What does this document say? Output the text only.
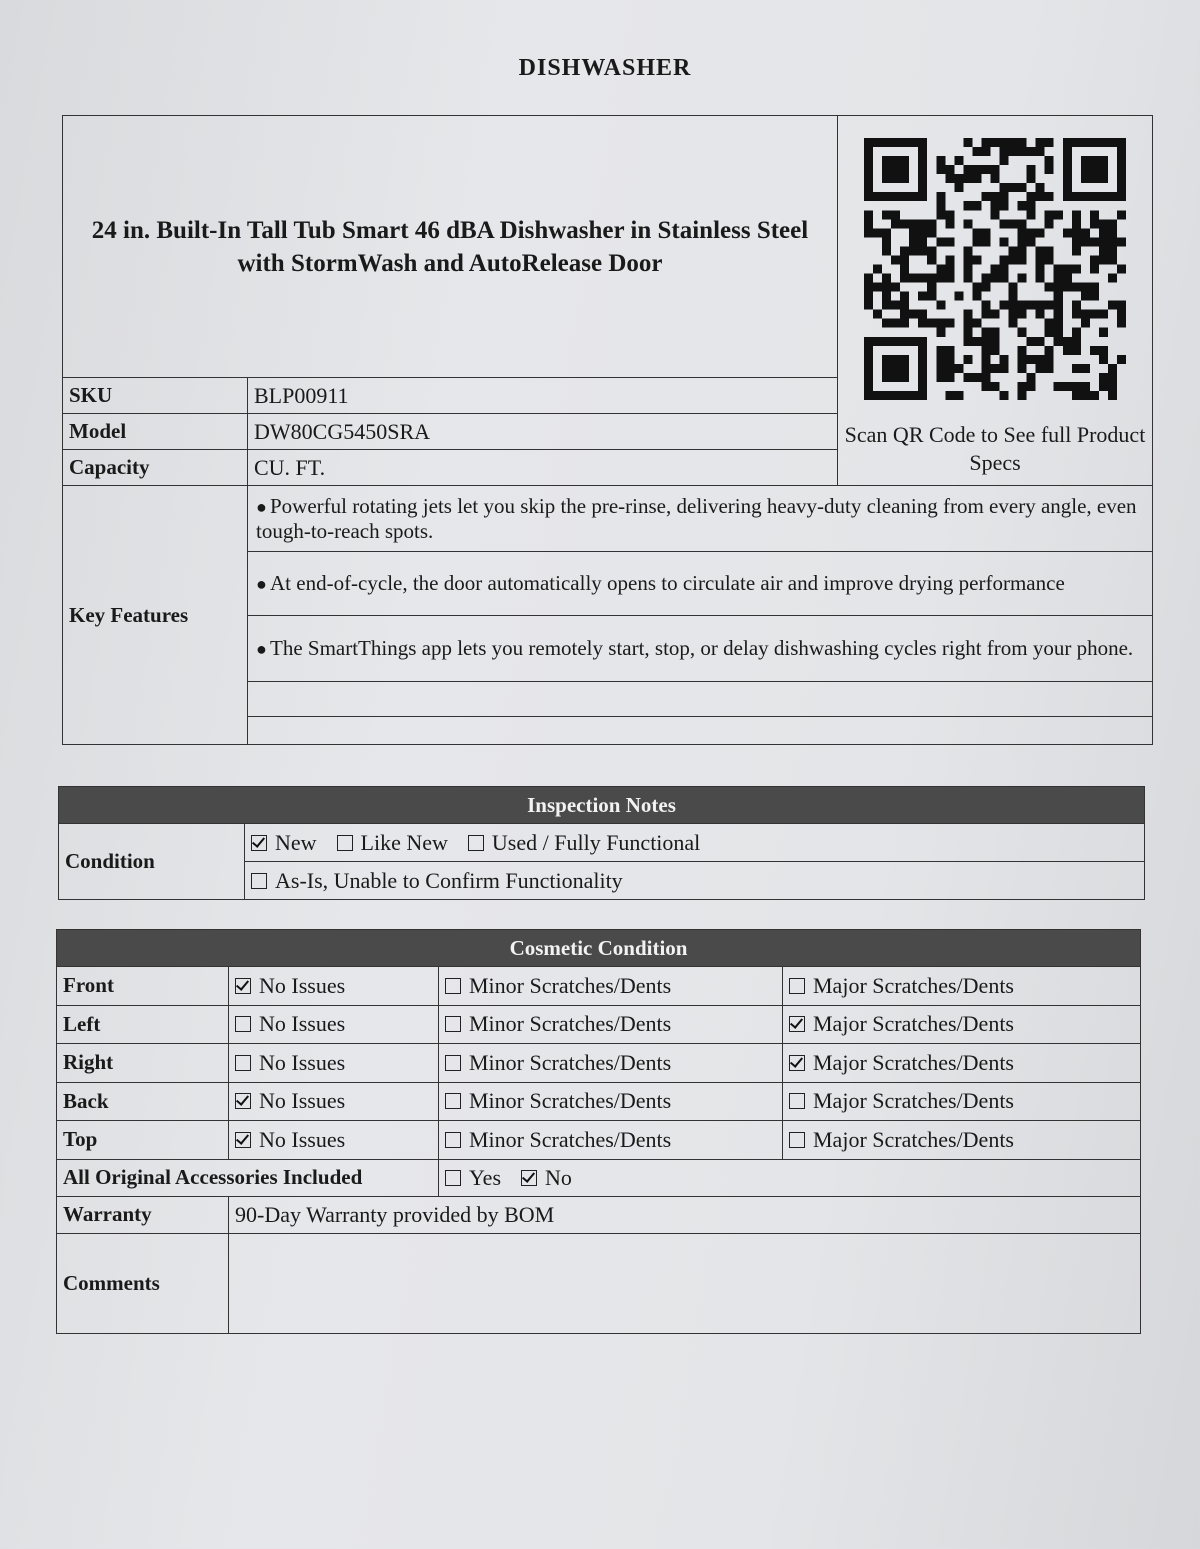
DISHWASHER
24 in. Built-In Tall Tub Smart 46 dBA Dishwasher in Stainless Steel with StormWash and AutoRelease Door		Scan QR Code to See full Product Specs

SKU	BLP00911	
Model	DW80CG5450SRA	
Capacity	CU. FT.	
Key Features	● Powerful rotating jets let you skip the pre-rinse, delivering heavy-duty cleaning from every angle, even tough-to-reach spots.	
	● At end-of-cycle, the door automatically opens to circulate air and improve drying performance	
	● The SmartThings app lets you remotely start, stop, or delay dishwashing cycles right from your phone.	

Inspection Notes
Condition	New Like New Used / Fully Functional
As-Is, Unable to Confirm Functionality
Cosmetic Condition			
Front	No Issues	Minor Scratches/Dents	Major Scratches/Dents
Left	No Issues	Minor Scratches/Dents	Major Scratches/Dents
Right	No Issues	Minor Scratches/Dents	Major Scratches/Dents
Back	No Issues	Minor Scratches/Dents	Major Scratches/Dents
Top	No Issues	Minor Scratches/Dents	Major Scratches/Dents
All Original Accessories Included		Yes No	
Warranty	90-Day Warranty provided by BOM		
Comments			
